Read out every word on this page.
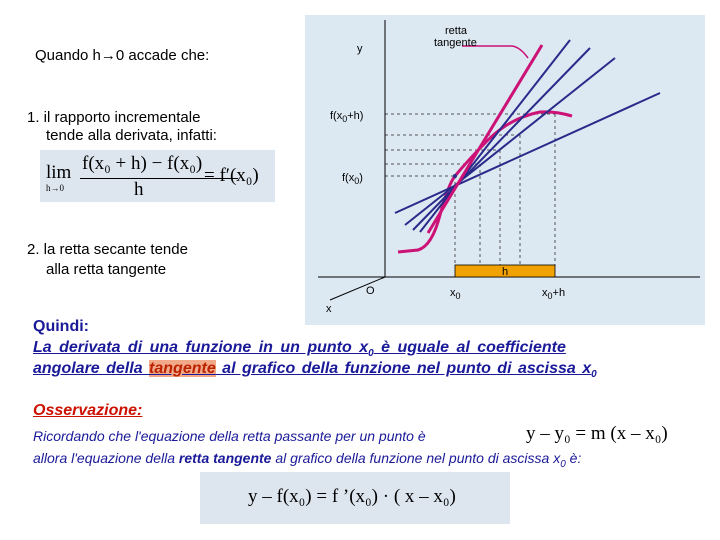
Quando h→0 accade che:
1. il rapporto incrementale
tende alla derivata, infatti:
lim
h→0
f(x₀ + h) − f(x₀)
h
= f′(x₀)
2. la retta secante tende
alla retta tangente
y
retta
tangente
$f(x_0+h)$
$f(x_0)$
h
O	$x_0$	$x_0+h$
x
Quindi:
La derivata di una funzione in un punto $x_0$ è uguale al coefficiente
angolare della tangente al grafico della funzione nel punto di ascissa $x_0$
Osservazione:
Ricordando che l'equazione della retta passante per un punto è	y – y₀ = m (x – x₀)
allora l'equazione della retta tangente al grafico della funzione nel punto di ascissa $x_0$ è:
y – f(x₀) = f ’(x₀) · ( x – x₀)
